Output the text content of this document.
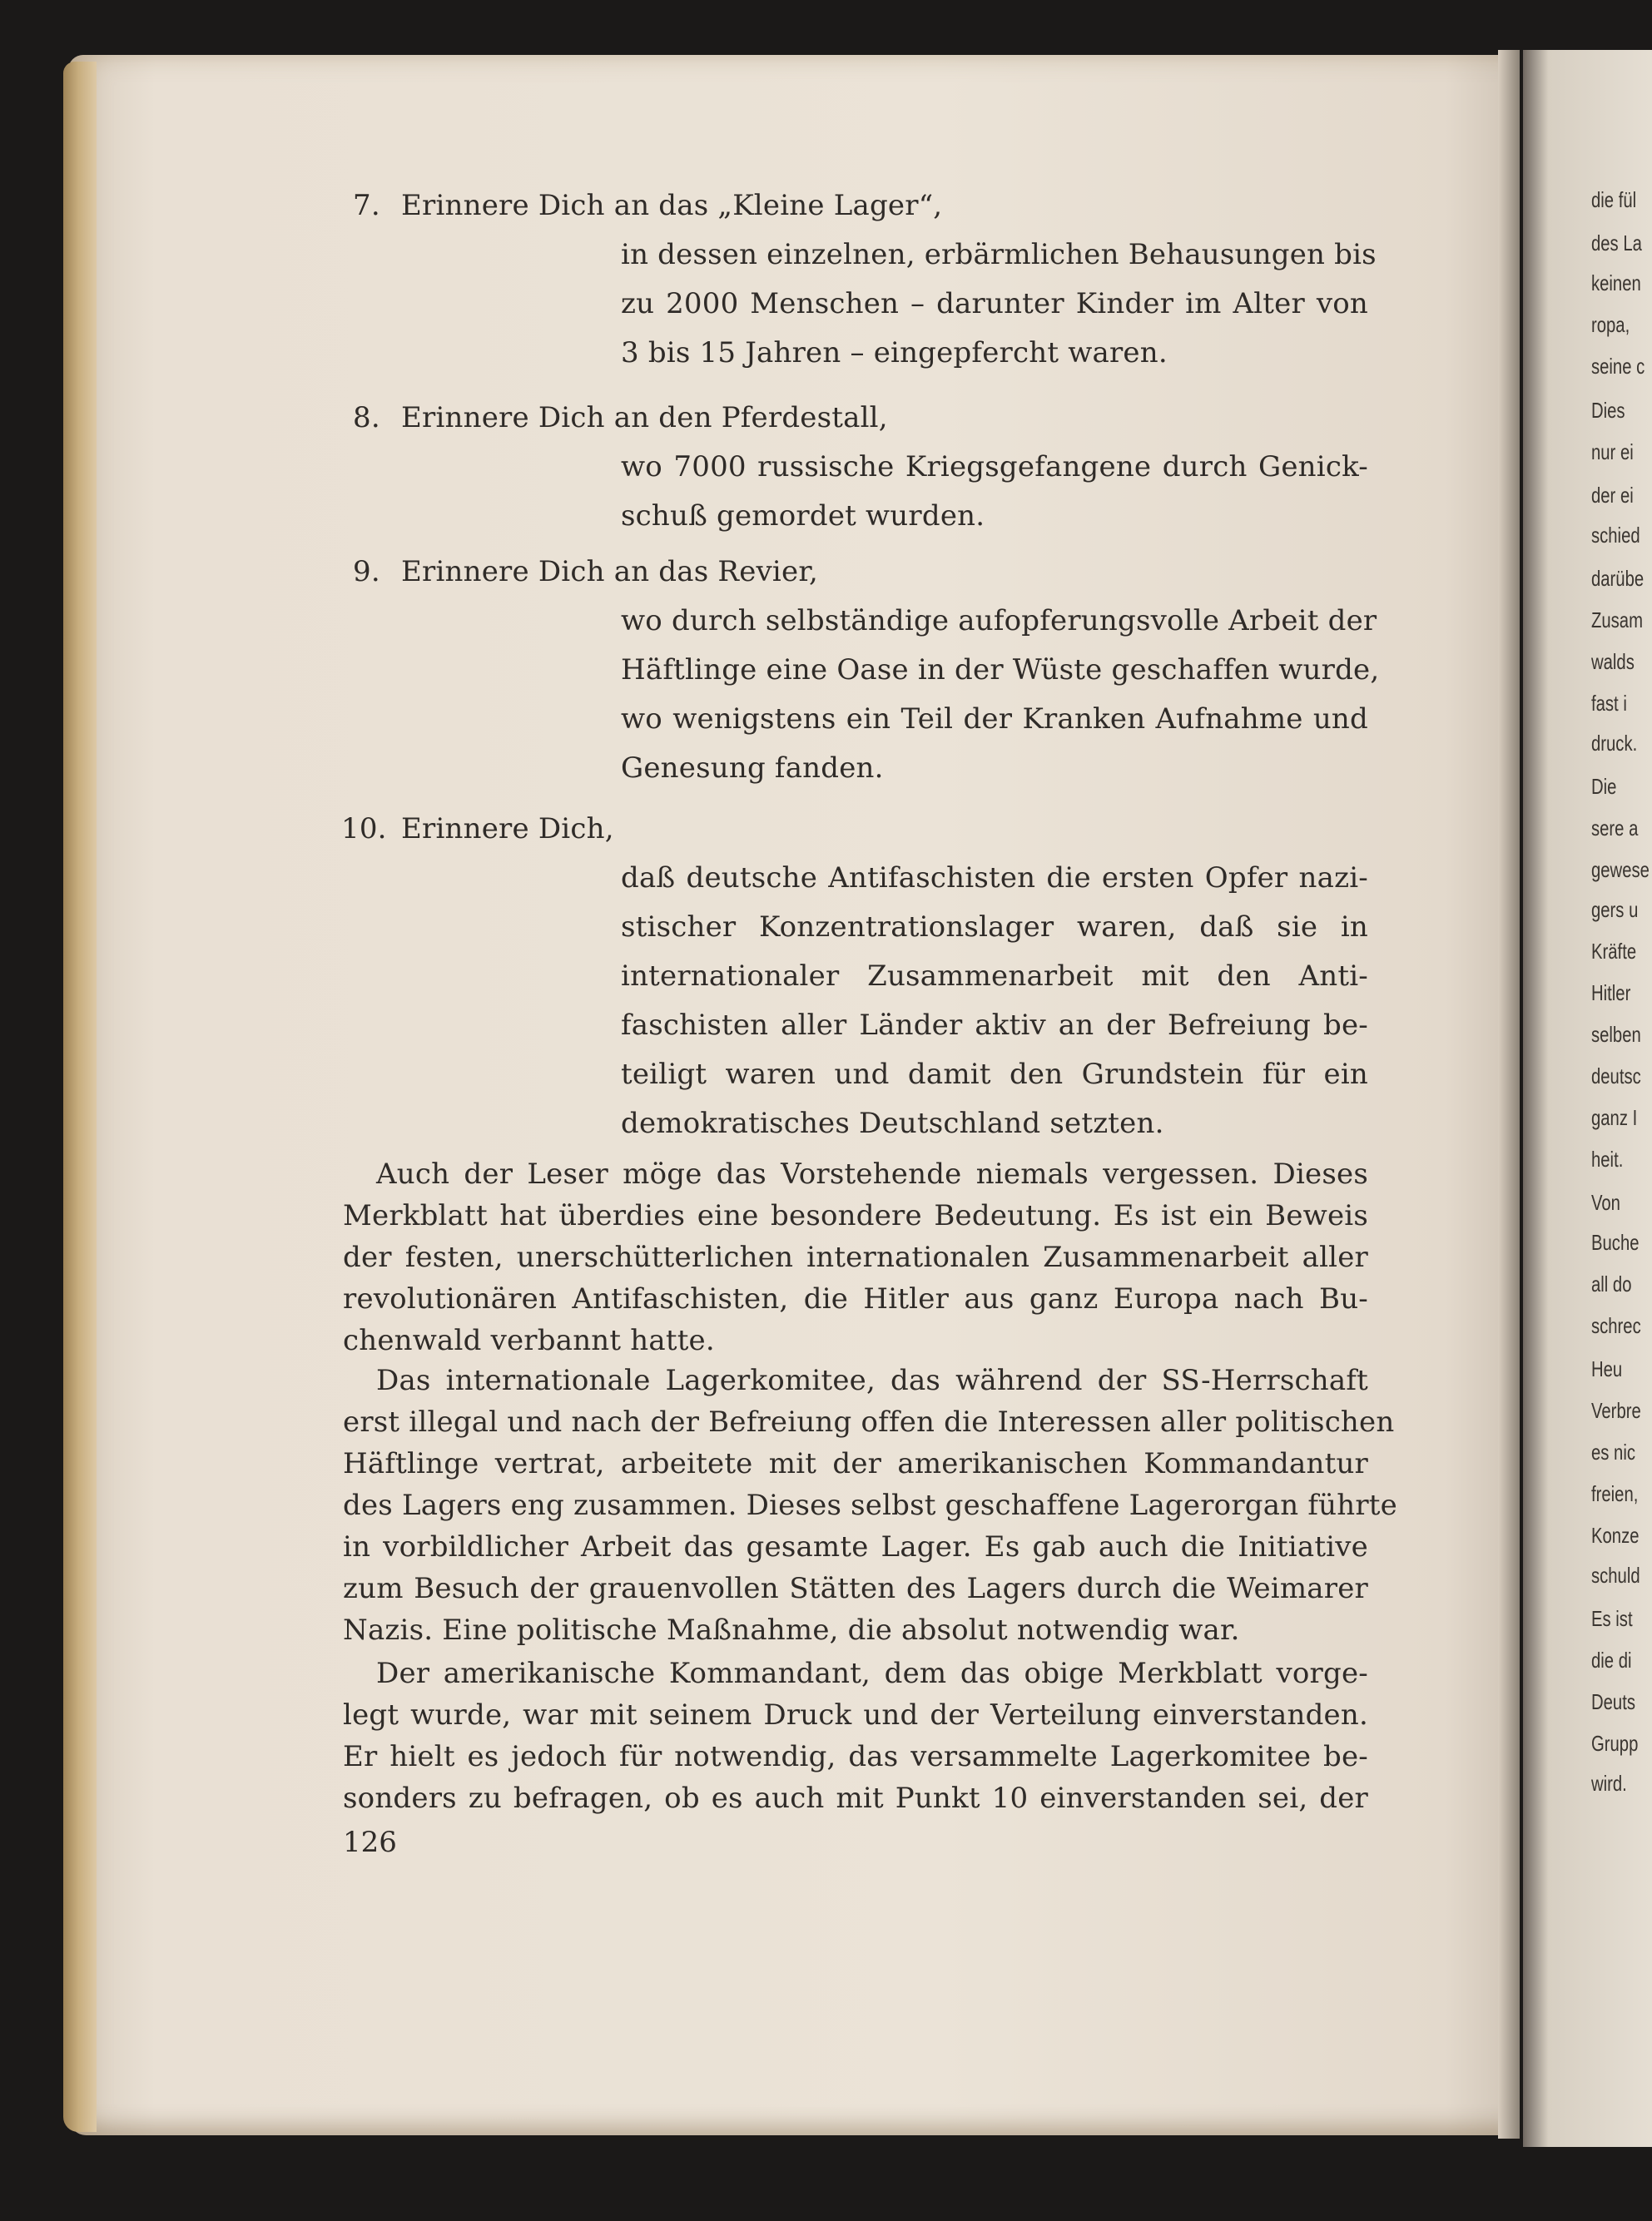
die fül
des La
keinen
ropa,
seine c
Dies
nur ei
der ei
schied
darübe
Zusam
walds
fast i
druck.
Die
sere a
gewese
gers u
Kräfte
Hitler
selben
deutsc
ganz I
heit.
Von
Buche
all do
schrec
Heu
Verbre
es nic
freien,
Konze
schuld
Es ist
die di
Deuts
Grupp
wird.
7. Erinnere Dich an das „Kleine Lager“,
in dessen einzelnen, erbärmlichen Behausungen bis
zu 2000 Menschen – darunter Kinder im Alter von
3 bis 15 Jahren – eingepfercht waren.
8. Erinnere Dich an den Pferdestall,
wo 7000 russische Kriegsgefangene durch Genick-
schuß gemordet wurden.
9. Erinnere Dich an das Revier,
wo durch selbständige aufopferungsvolle Arbeit der
Häftlinge eine Oase in der Wüste geschaffen wurde,
wo wenigstens ein Teil der Kranken Aufnahme und
Genesung fanden.
10. Erinnere Dich,
daß deutsche Antifaschisten die ersten Opfer nazi-
stischer Konzentrationslager waren, daß sie in
internationaler Zusammenarbeit mit den Anti-
faschisten aller Länder aktiv an der Befreiung be-
teiligt waren und damit den Grundstein für ein
demokratisches Deutschland setzten.
Auch der Leser möge das Vorstehende niemals vergessen. Dieses
Merkblatt hat überdies eine besondere Bedeutung. Es ist ein Beweis
der festen, unerschütterlichen internationalen Zusammenarbeit aller
revolutionären Antifaschisten, die Hitler aus ganz Europa nach Bu-
chenwald verbannt hatte.
Das internationale Lagerkomitee, das während der SS-Herrschaft
erst illegal und nach der Befreiung offen die Interessen aller politischen
Häftlinge vertrat, arbeitete mit der amerikanischen Kommandantur
des Lagers eng zusammen. Dieses selbst geschaffene Lagerorgan führte
in vorbildlicher Arbeit das gesamte Lager. Es gab auch die Initiative
zum Besuch der grauenvollen Stätten des Lagers durch die Weimarer
Nazis. Eine politische Maßnahme, die absolut notwendig war.
Der amerikanische Kommandant, dem das obige Merkblatt vorge-
legt wurde, war mit seinem Druck und der Verteilung einverstanden.
Er hielt es jedoch für notwendig, das versammelte Lagerkomitee be-
sonders zu befragen, ob es auch mit Punkt 10 einverstanden sei, der
126
